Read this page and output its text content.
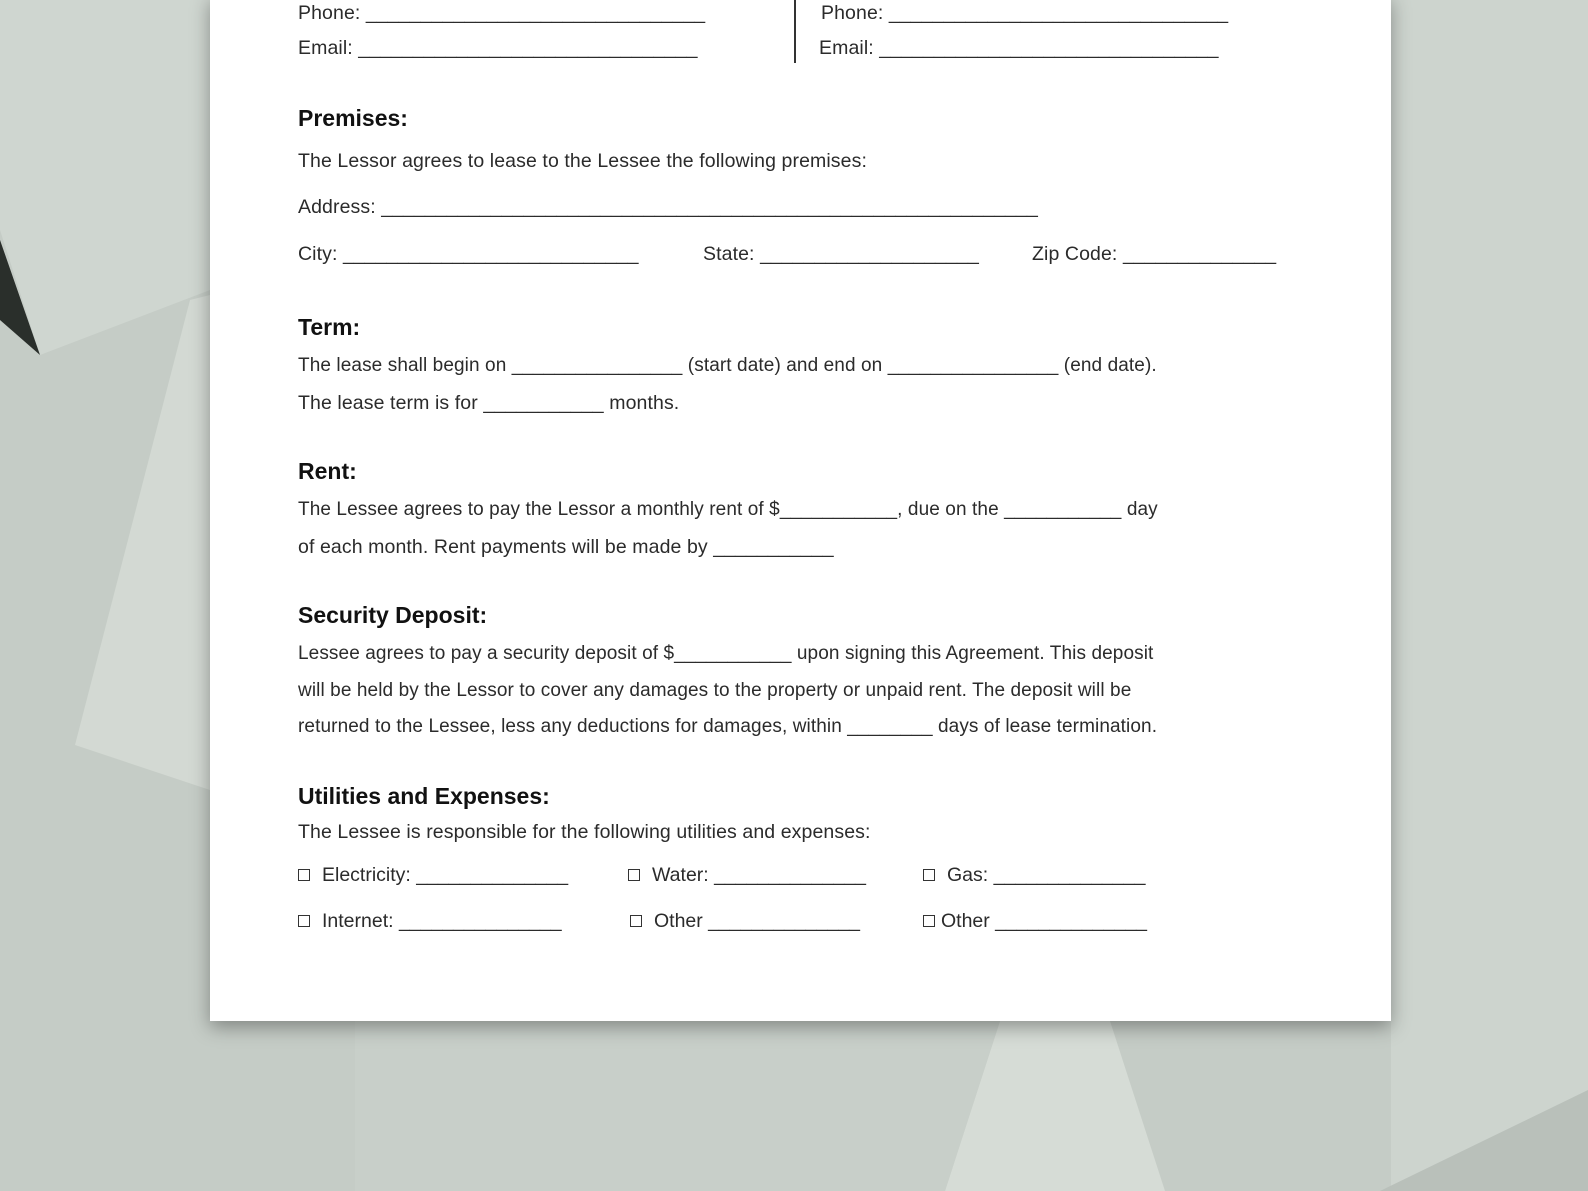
Phone: _______________________________	Phone: _______________________________
Email: _______________________________	Email: _______________________________
Premises:
The Lessor agrees to lease to the Lessee the following premises:
Address: ____________________________________________________________
City: ___________________________	State: ____________________	Zip Code: ______________
Term:
The lease shall begin on ________________ (start date) and end on ________________ (end date).
The lease term is for ___________ months.
Rent:
The Lessee agrees to pay the Lessor a monthly rent of $___________, due on the ___________ day
of each month. Rent payments will be made by ___________
Security Deposit:
Lessee agrees to pay a security deposit of $___________ upon signing this Agreement. This deposit
will be held by the Lessor to cover any damages to the property or unpaid rent. The deposit will be
returned to the Lessee, less any deductions for damages, within ________ days of lease termination.
Utilities and Expenses:
The Lessee is responsible for the following utilities and expenses:
Electricity: ______________	Water: ______________	Gas: ______________
Internet: _______________	Other ______________	Other ______________
